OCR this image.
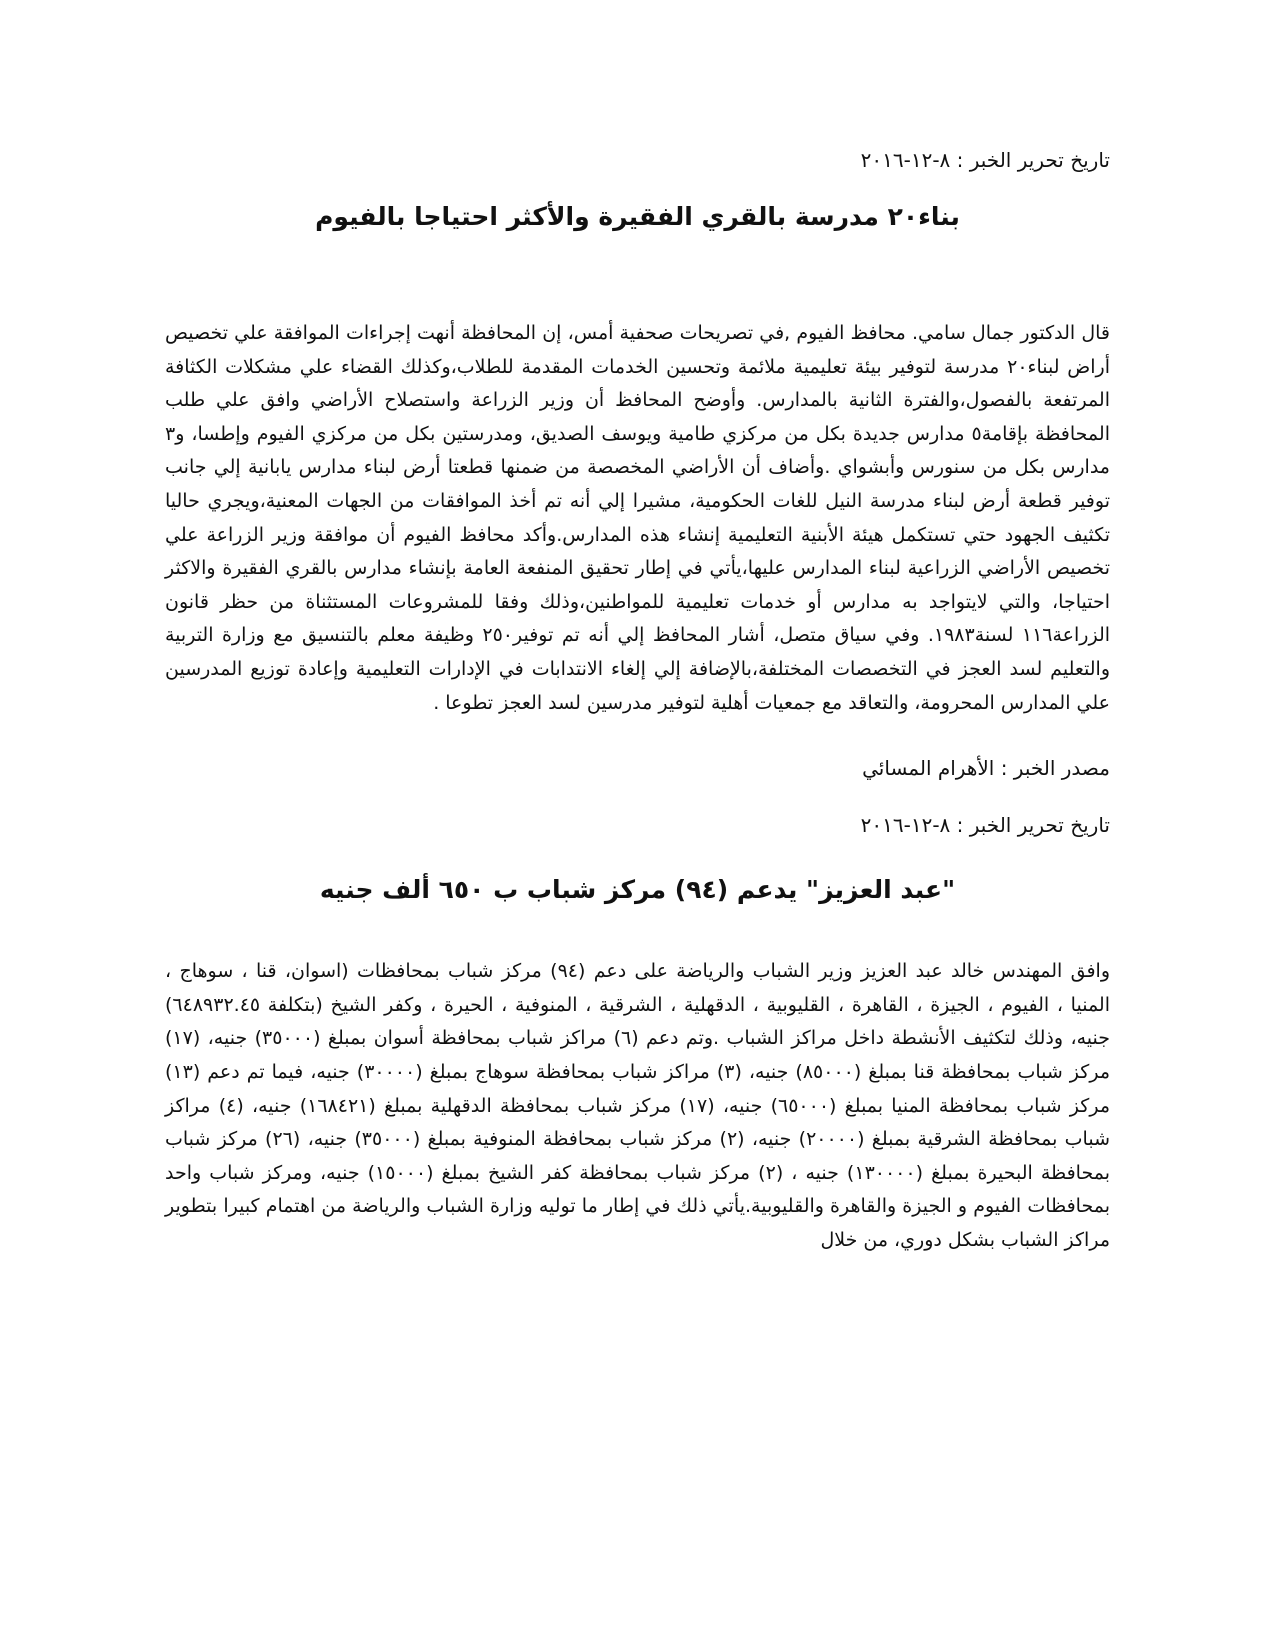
تاريخ تحرير الخبر : ٨-١٢-٢٠١٦

بناء٢٠ مدرسة بالقري الفقيرة والأكثر احتياجا بالفيوم

قال الدكتور جمال سامي. محافظ الفيوم ,في تصريحات صحفية أمس، إن المحافظة أنهت إجراءات الموافقة علي تخصيص أراض لبناء٢٠ مدرسة لتوفير بيئة تعليمية ملائمة وتحسين الخدمات المقدمة للطلاب،وكذلك القضاء علي مشكلات الكثافة المرتفعة بالفصول،والفترة الثانية بالمدارس. وأوضح المحافظ أن وزير الزراعة واستصلاح الأراضي وافق علي طلب المحافظة بإقامة٥ مدارس جديدة بكل من مركزي طامية ويوسف الصديق، ومدرستين بكل من مركزي الفيوم وإطسا، و٣ مدارس بكل من سنورس وأبشواي .وأضاف أن الأراضي المخصصة من ضمنها قطعتا أرض لبناء مدارس يابانية إلي جانب توفير قطعة أرض لبناء مدرسة النيل للغات الحكومية، مشيرا إلي أنه تم أخذ الموافقات من الجهات المعنية،ويجري حاليا تكثيف الجهود حتي تستكمل هيئة الأبنية التعليمية إنشاء هذه المدارس.وأكد محافظ الفيوم أن موافقة وزير الزراعة علي تخصيص الأراضي الزراعية لبناء المدارس عليها،يأتي في إطار تحقيق المنفعة العامة بإنشاء مدارس بالقري الفقيرة والاكثر احتياجا، والتي لايتواجد به مدارس أو خدمات تعليمية للمواطنين،وذلك وفقا للمشروعات المستثناة من حظر قانون الزراعة١١٦ لسنة١٩٨٣. وفي سياق متصل، أشار المحافظ إلي أنه تم توفير٢٥٠ وظيفة معلم بالتنسيق مع وزارة التربية والتعليم لسد العجز في التخصصات المختلفة،بالإضافة إلي إلغاء الانتدابات في الإدارات التعليمية وإعادة توزيع المدرسين علي المدارس المحرومة، والتعاقد مع جمعيات أهلية لتوفير مدرسين لسد العجز تطوعا .

مصدر الخبر : الأهرام المسائي

تاريخ تحرير الخبر : ٨-١٢-٢٠١٦

"عبد العزيز" يدعم (٩٤) مركز شباب ب ٦٥٠ ألف جنيه

وافق المهندس خالد عبد العزيز وزير الشباب والرياضة على دعم (٩٤) مركز شباب بمحافظات (اسوان، قنا ، سوهاج ، المنيا ، الفيوم ، الجيزة ، القاهرة ، القليوبية ، الدقهلية ، الشرقية ، المنوفية ، الحيرة ، وكفر الشيخ (بتكلفة ٦٤٨٩٣٢.٤٥) جنيه، وذلك لتكثيف الأنشطة داخل مراكز الشباب .وتم دعم (٦) مراكز شباب بمحافظة أسوان بمبلغ (٣٥٠٠٠) جنيه، (١٧) مركز شباب بمحافظة قنا بمبلغ (٨٥٠٠٠) جنيه، (٣) مراكز شباب بمحافظة سوهاج بمبلغ (٣٠٠٠٠) جنيه، فيما تم دعم (١٣) مركز شباب بمحافظة المنيا بمبلغ (٦٥٠٠٠) جنيه، (١٧) مركز شباب بمحافظة الدقهلية بمبلغ (١٦٨٤٢١) جنيه، (٤) مراكز شباب بمحافظة الشرقية بمبلغ (٢٠٠٠٠) جنيه، (٢) مركز شباب بمحافظة المنوفية بمبلغ (٣٥٠٠٠) جنيه، (٢٦) مركز شباب بمحافظة البحيرة بمبلغ (١٣٠٠٠٠) جنيه ، (٢) مركز شباب بمحافظة كفر الشيخ بمبلغ (١٥٠٠٠) جنيه، ومركز شباب واحد بمحافظات الفيوم و الجيزة والقاهرة والقليوبية.يأتي ذلك في إطار ما توليه وزارة الشباب والرياضة من اهتمام كبيرا بتطوير مراكز الشباب بشكل دوري، من خلال
